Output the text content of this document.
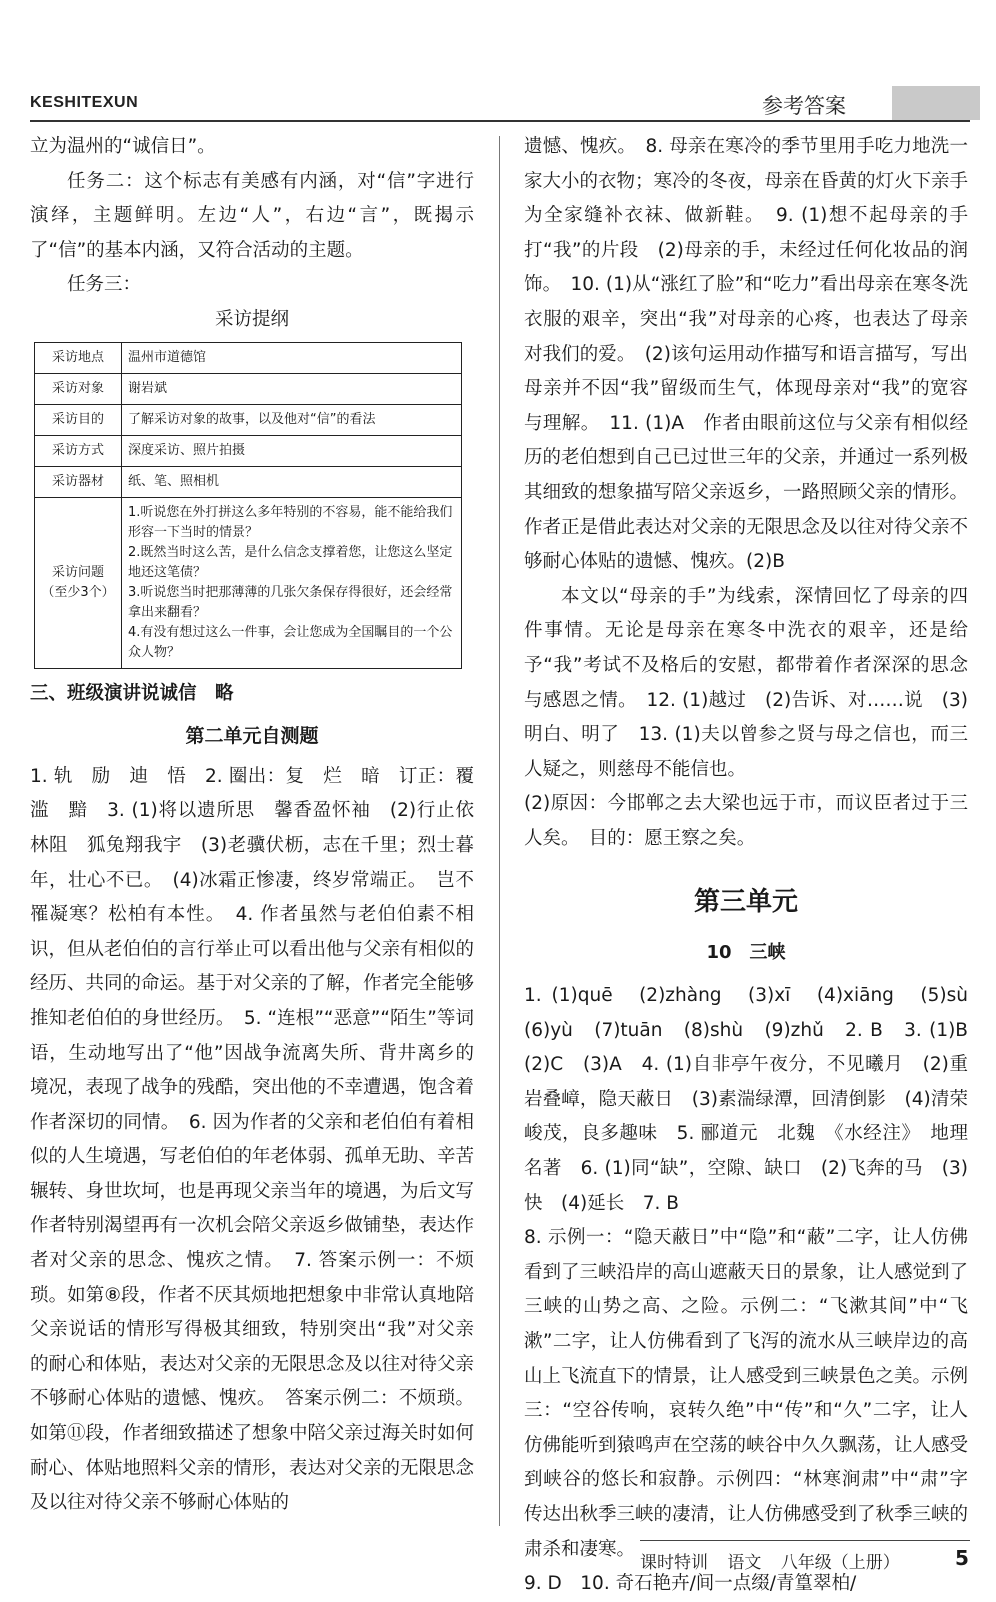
KESHITEXUN	参考答案

立为温州的“诚信日”。

任务二：这个标志有美感有内涵，对“信”字进行演绎，主题鲜明。左边“人”，右边“言”，既揭示了“信”的基本内涵，又符合活动的主题。

任务三：

采访提纲
采访地点	温州市道德馆
采访对象	谢岩斌
采访目的	了解采访对象的故事，以及他对“信”的看法
采访方式	深度采访、照片拍摄
采访器材	纸、笔、照相机
采访问题（至少3个）	1.听说您在外打拼这么多年特别的不容易，能不能给我们形容一下当时的情景？
2.既然当时这么苦，是什么信念支撑着您，让您这么坚定地还这笔债？
3.听说您当时把那薄薄的几张欠条保存得很好，还会经常拿出来翻看？
4.有没有想过这么一件事，会让您成为全国瞩目的一个公众人物？

三、班级演讲说诚信　略

第二单元自测题

1. 轨　励　迪　悟　2. 圈出：复　烂　暗　订正：覆　滥　黯　3. (1)将以遗所思　馨香盈怀袖　(2)行止依林阻　狐兔翔我宇　(3)老骥伏枥，志在千里；烈士暮年，壮心不已。　(4)冰霜正惨凄，终岁常端正。　岂不罹凝寒？松柏有本性。　4. 作者虽然与老伯伯素不相识，但从老伯伯的言行举止可以看出他与父亲有相似的经历、共同的命运。基于对父亲的了解，作者完全能够推知老伯伯的身世经历。　5. “连根”“恶意”“陌生”等词语，生动地写出了“他”因战争流离失所、背井离乡的境况，表现了战争的残酷，突出他的不幸遭遇，饱含着作者深切的同情。　6. 因为作者的父亲和老伯伯有着相似的人生境遇，写老伯伯的年老体弱、孤单无助、辛苦辗转、身世坎坷，也是再现父亲当年的境遇，为后文写作者特别渴望再有一次机会陪父亲返乡做铺垫，表达作者对父亲的思念、愧疚之情。　7. 答案示例一：不烦琐。如第⑧段，作者不厌其烦地把想象中非常认真地陪父亲说话的情形写得极其细致，特别突出“我”对父亲的耐心和体贴，表达对父亲的无限思念及以往对待父亲不够耐心体贴的遗憾、愧疚。　答案示例二：不烦琐。如第⑪段，作者细致描述了想象中陪父亲过海关时如何耐心、体贴地照料父亲的情形，表达对父亲的无限思念及以往对待父亲不够耐心体贴的

遗憾、愧疚。　8. 母亲在寒冷的季节里用手吃力地洗一家大小的衣物；寒冷的冬夜，母亲在昏黄的灯火下亲手为全家缝补衣袜、做新鞋。　9. (1)想不起母亲的手打“我”的片段　(2)母亲的手，未经过任何化妆品的润饰。　10. (1)从“涨红了脸”和“吃力”看出母亲在寒冬洗衣服的艰辛，突出“我”对母亲的心疼，也表达了母亲对我们的爱。　(2)该句运用动作描写和语言描写，写出母亲并不因“我”留级而生气，体现母亲对“我”的宽容与理解。　11. (1)A　作者由眼前这位与父亲有相似经历的老伯想到自己已过世三年的父亲，并通过一系列极其细致的想象描写陪父亲返乡，一路照顾父亲的情形。作者正是借此表达对父亲的无限思念及以往对待父亲不够耐心体贴的遗憾、愧疚。(2)B

本文以“母亲的手”为线索，深情回忆了母亲的四件事情。无论是母亲在寒冬中洗衣的艰辛，还是给予“我”考试不及格后的安慰，都带着作者深深的思念与感恩之情。　12. (1)越过　(2)告诉、对……说　(3)明白、明了　13. (1)夫以曾参之贤与母之信也，而三人疑之，则慈母不能信也。

(2)原因：今邯郸之去大梁也远于市，而议臣者过于三人矣。　目的：愿王察之矣。

第三单元
10　三峡

1. (1)quē　(2)zhàng　(3)xī　(4)xiāng　(5)sù　(6)yù　(7)tuān　(8)shù　(9)zhǔ　2. B　3. (1)B　(2)C　(3)A　4. (1)自非亭午夜分，不见曦月　(2)重岩叠嶂，隐天蔽日　(3)素湍绿潭，回清倒影　(4)清荣峻茂，良多趣味　5. 郦道元　北魏　《水经注》　地理名著　6. (1)同“缺”，空隙、缺口　(2)飞奔的马　(3)快　(4)延长　7. B

8. 示例一：“隐天蔽日”中“隐”和“蔽”二字，让人仿佛看到了三峡沿岸的高山遮蔽天日的景象，让人感觉到了三峡的山势之高、之险。示例二：“飞漱其间”中“飞漱”二字，让人仿佛看到了飞泻的流水从三峡岸边的高山上飞流直下的情景，让人感受到三峡景色之美。示例三：“空谷传响，哀转久绝”中“传”和“久”二字，让人仿佛能听到猿鸣声在空荡的峡谷中久久飘荡，让人感受到峡谷的悠长和寂静。示例四：“林寒涧肃”中“肃”字传达出秋季三峡的凄清，让人仿佛感受到了秋季三峡的肃杀和凄寒。

9. D　10. 奇石艳卉/间一点缀/青篁翠柏/

课时特训 语文 八年级（上册）	5
